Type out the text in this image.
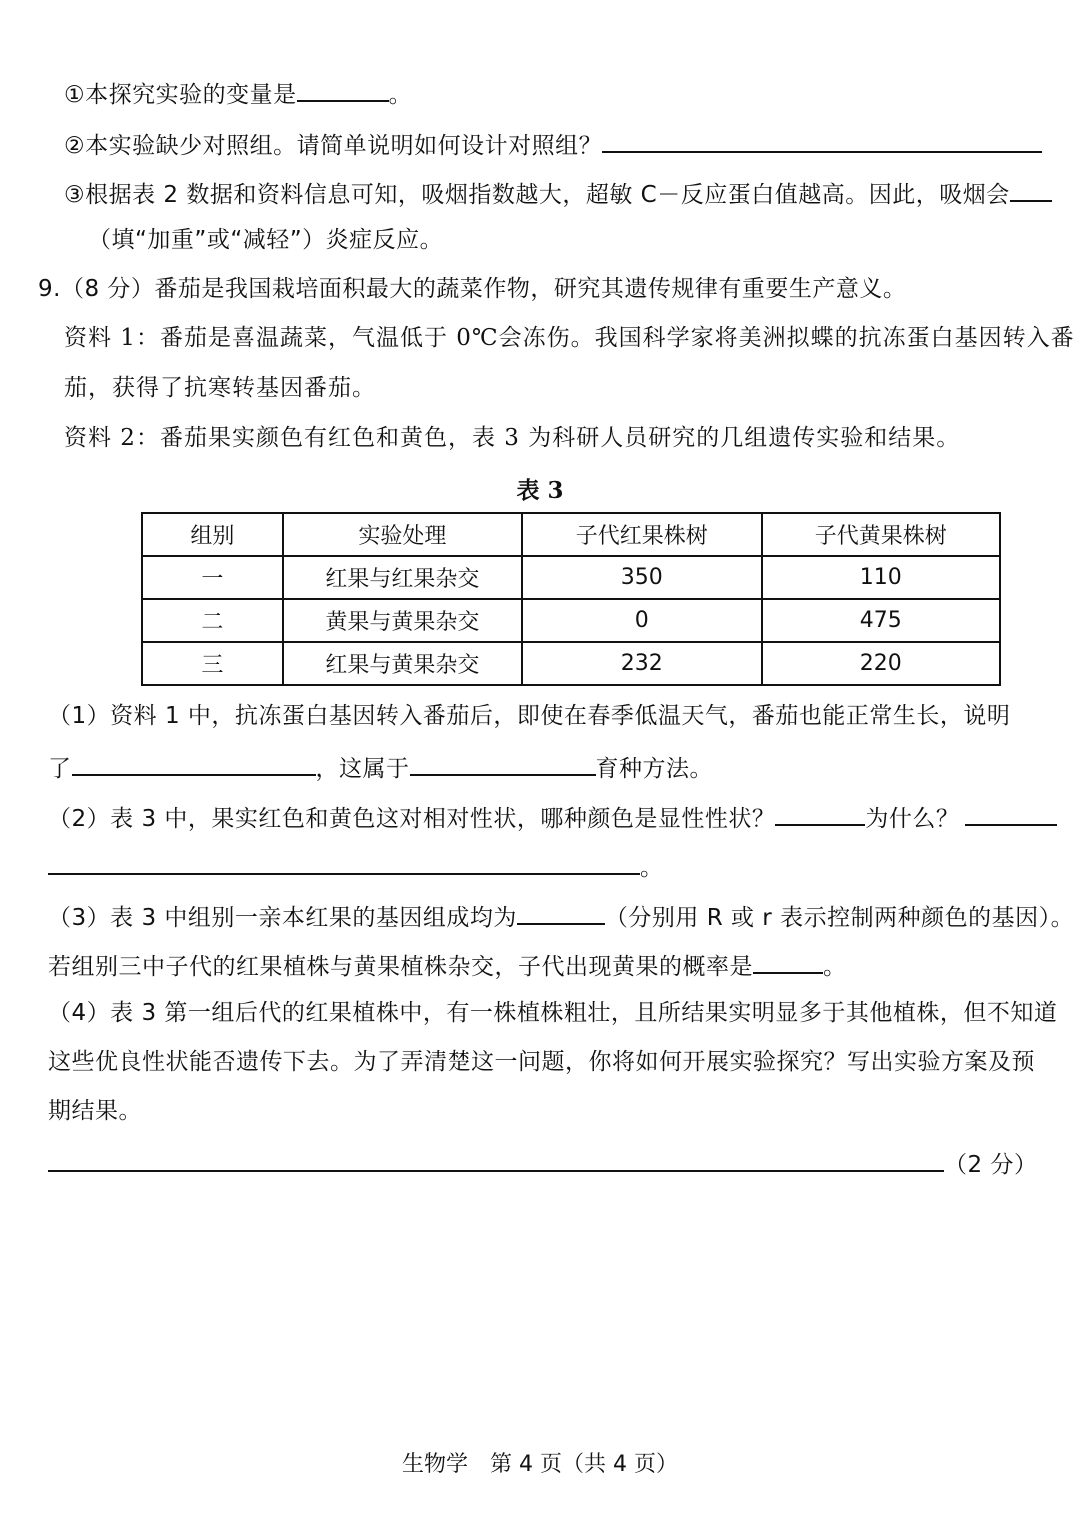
①本探究实验的变量是	。
②本实验缺少对照组。请简单说明如何设计对照组？
③根据表 2 数据和资料信息可知，吸烟指数越大，超敏 C－反应蛋白值越高。因此，吸烟会
（填“加重”或“减轻”）炎症反应。
9.（8 分）番茄是我国栽培面积最大的蔬菜作物，研究其遗传规律有重要生产意义。
资料 1：番茄是喜温蔬菜，气温低于 0℃会冻伤。我国科学家将美洲拟蝶的抗冻蛋白基因转入番
茄，获得了抗寒转基因番茄。
资料 2：番茄果实颜色有红色和黄色，表 3 为科研人员研究的几组遗传实验和结果。
表 3
组别	实验处理	子代红果株树	子代黄果株树
一	红果与红果杂交	350	110
二	黄果与黄果杂交	0	475
三	红果与黄果杂交	232	220
（1）资料 1 中，抗冻蛋白基因转入番茄后，即使在春季低温天气，番茄也能正常生长，说明
了	，这属于	育种方法。
（2）表 3 中，果实红色和黄色这对相对性状，哪种颜色是显性性状？	为什么？
。
（3）表 3 中组别一亲本红果的基因组成均为	（分别用 R 或 r 表示控制两种颜色的基因）。
若组别三中子代的红果植株与黄果植株杂交，子代出现黄果的概率是	。
（4）表 3 第一组后代的红果植株中，有一株植株粗壮，且所结果实明显多于其他植株，但不知道
这些优良性状能否遗传下去。为了弄清楚这一问题，你将如何开展实验探究？写出实验方案及预
期结果。
（2 分）
生物学　第 4 页（共 4 页）
